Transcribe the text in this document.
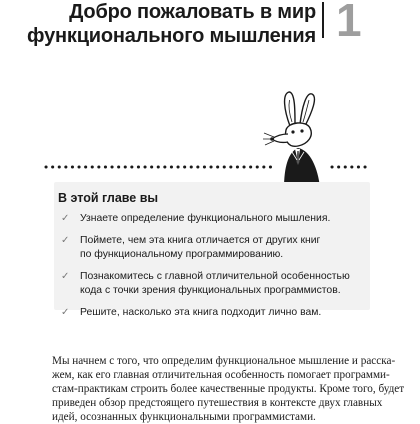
Добро пожаловать в мир
функционального мышления 1
В этой главе вы
✓ Узнаете определение функционального мышления.
✓ Поймете, чем эта книга отличается от других книг
по функциональному программированию.
✓ Познакомитесь с главной отличительной особенностью
кода с точки зрения функциональных программистов.
✓ Решите, насколько эта книга подходит лично вам.

Мы начнем с того, что определим функциональное мышление и расска-
жем, как его главная отличительная особенность помогает программи-
стам-практикам строить более качественные продукты. Кроме того, будет
приведен обзор предстоящего путешествия в контексте двух главных
идей, осознанных функциональными программистами.
